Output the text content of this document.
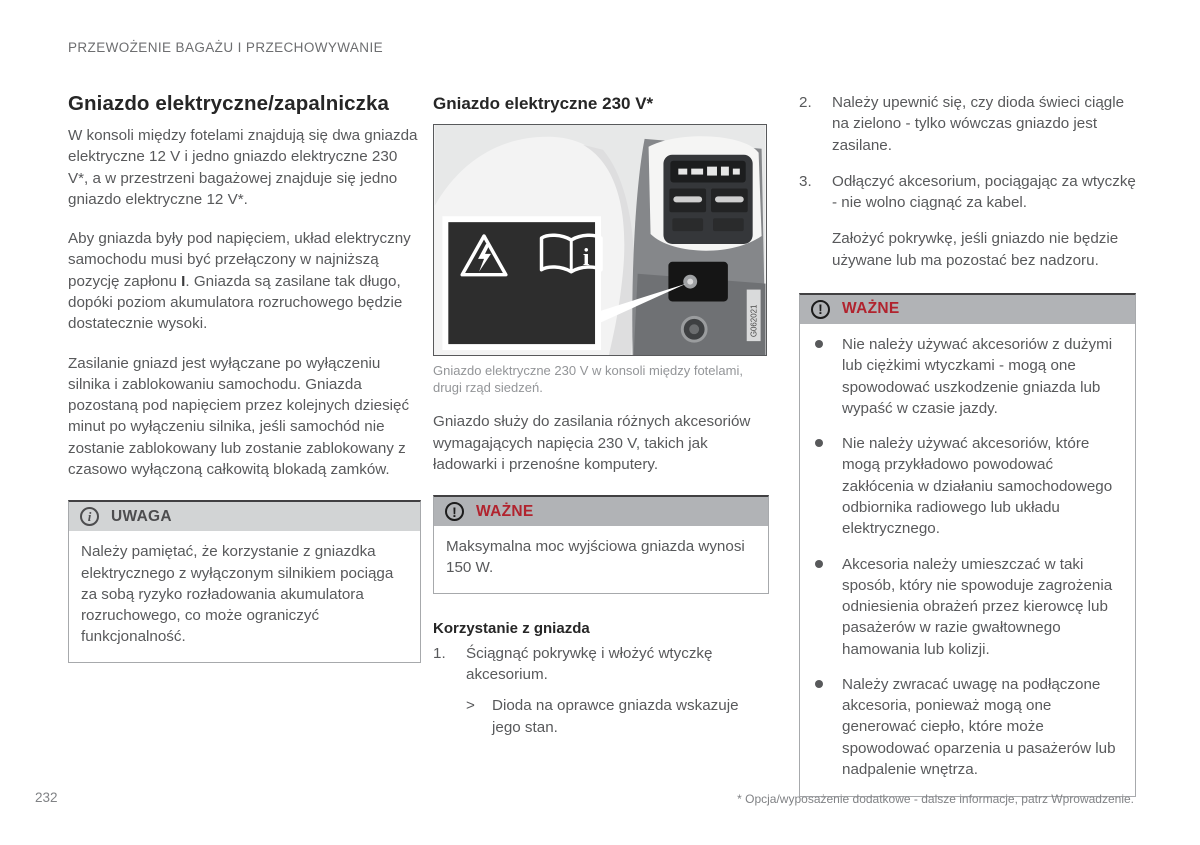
PRZEWOŻENIE BAGAŻU I PRZECHOWYWANIE
Gniazdo elektryczne/zapalniczka

W konsoli między fotelami znajdują się dwa gniazda elektryczne 12 V i jedno gniazdo elektryczne 230 V*, a w przestrzeni bagażowej znajduje się jedno gniazdo elektryczne 12 V*.

Aby gniazda były pod napięciem, układ elektryczny samochodu musi być przełączony w najniższą pozycję zapłonu I. Gniazda są zasilane tak długo, dopóki poziom akumulatora rozruchowego będzie dostatecznie wysoki.

Zasilanie gniazd jest wyłączane po wyłączeniu silnika i zablokowaniu samochodu. Gniazda pozostaną pod napięciem przez kolejnych dziesięć minut po wyłączeniu silnika, jeśli samochód nie zostanie zablokowany lub zostanie zablokowany z czasowo wyłączoną całkowitą blokadą zamków.

i	UWAGA
Należy pamiętać, że korzystanie z gniazdka elektrycznego z wyłączonym silnikiem pociąga za sobą ryzyko rozładowania akumulatora rozruchowego, co może ograniczyć funkcjonalność.
Gniazdo elektryczne 230 V*
i
G062021
Gniazdo elektryczne 230 V w konsoli między fotelami, drugi rząd siedzeń.

Gniazdo służy do zasilania różnych akcesoriów wymagających napięcia 230 V, takich jak ładowarki i przenośne komputery.

!	WAŻNE
Maksymalna moc wyjściowa gniazda wynosi 150 W.
Korzystanie z gniazda
1.	Ściągnąć pokrywkę i włożyć wtyczkę akcesorium.
>	Dioda na oprawce gniazda wskazuje jego stan.
2.	Należy upewnić się, czy dioda świeci ciągle na zielono - tylko wówczas gniazdo jest zasilane.
3.	Odłączyć akcesorium, pociągając za wtyczkę - nie wolno ciągnąć za kabel.

Założyć pokrywkę, jeśli gniazdo nie będzie używane lub ma pozostać bez nadzoru.

!	WAŻNE
Nie należy używać akcesoriów z dużymi lub ciężkimi wtyczkami - mogą one spowodować uszkodzenie gniazda lub wypaść w czasie jazdy.
Nie należy używać akcesoriów, które mogą przykładowo powodować zakłócenia w działaniu samochodowego odbiornika radiowego lub układu elektrycznego.
Akcesoria należy umieszczać w taki sposób, który nie spowoduje zagrożenia odniesienia obrażeń przez kierowcę lub pasażerów w razie gwałtownego hamowania lub kolizji.
Należy zwracać uwagę na podłączone akcesoria, ponieważ mogą one generować ciepło, które może spowodować oparzenia u pasażerów lub nadpalenie wnętrza.
232	* Opcja/wyposażenie dodatkowe - dalsze informacje, patrz Wprowadzenie.
